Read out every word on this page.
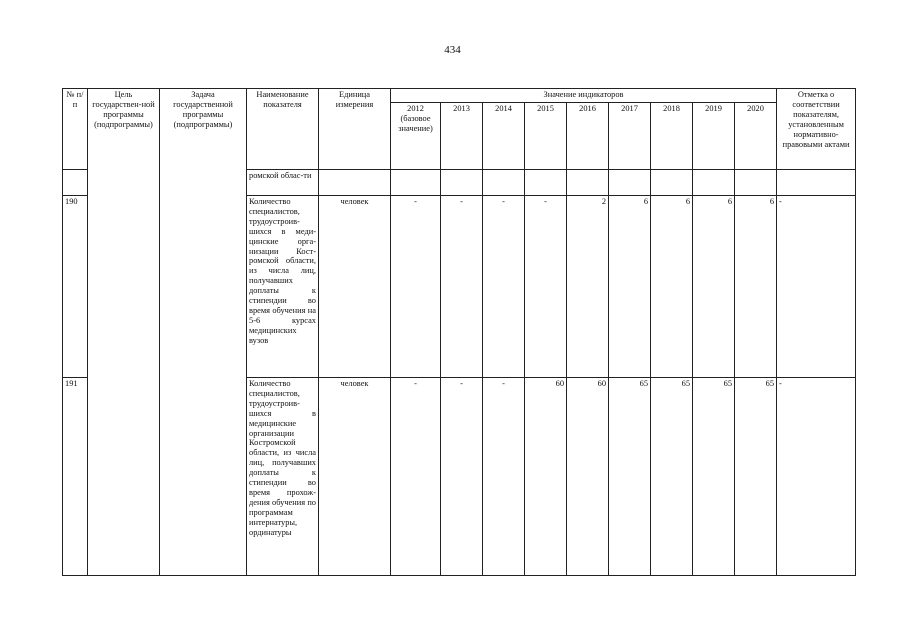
434
№ п/п	Цель государствен-ной программы (подпрограммы)	Задача государственной программы (подпрограммы)	Наименование показателя	Единица измерения	Значение индикаторов									Отметка о соответствии показателям, установленным нормативно-правовыми актами
					2012 (базовое значение)	2013	2014	2015	2016	2017	2018	2019	2020	
			ромской облас-ти											
190			Количество специалистов, трудоустроив-шихся в меди-цинские орга-низации Кост-ромской области, из числа лиц, получавших доплаты к стипендии во время обучения на 5-6 курсах медицинских вузов	человек	-	-	-	-	2	6	6	6	6	-
191			Количество специалистов, трудоустроив-шихся в медицинские организации Костромской области, из числа лиц, получавших доплаты к стипендии во время прохож-дения обучения по программам интернатуры, ординатуры	человек	-	-	-	60	60	65	65	65	65	-
